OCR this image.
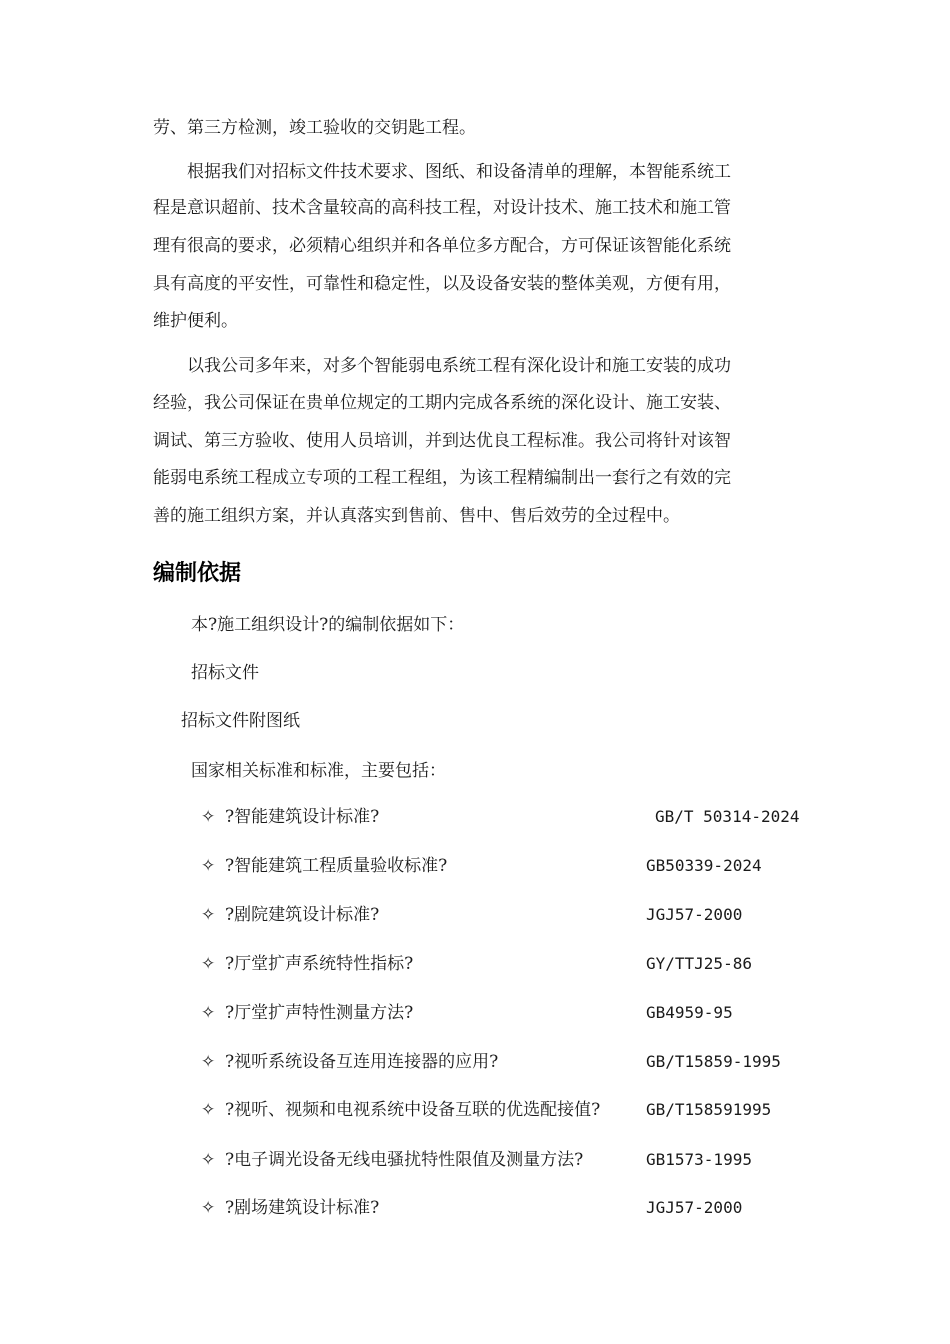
劳、第三方检测，竣工验收的交钥匙工程。
　　根据我们对招标文件技术要求、图纸、和设备清单的理解，本智能系统工
程是意识超前、技术含量较高的高科技工程，对设计技术、施工技术和施工管
理有很高的要求，必须精心组织并和各单位多方配合，方可保证该智能化系统
具有高度的平安性，可靠性和稳定性，以及设备安装的整体美观，方便有用，
维护便利。
　　以我公司多年来，对多个智能弱电系统工程有深化设计和施工安装的成功
经验，我公司保证在贵单位规定的工期内完成各系统的深化设计、施工安装、
调试、第三方验收、使用人员培训，并到达优良工程标准。我公司将针对该智
能弱电系统工程成立专项的工程工程组，为该工程精编制出一套行之有效的完
善的施工组织方案，并认真落实到售前、售中、售后效劳的全过程中。
编制依据
本?施工组织设计?的编制依据如下：
招标文件
招标文件附图纸
国家相关标准和标准，主要包括：
✧ ?智能建筑设计标准?	GB/T 50314-2024
✧ ?智能建筑工程质量验收标准?	GB50339-2024
✧ ?剧院建筑设计标准?	JGJ57-2000
✧ ?厅堂扩声系统特性指标?	GY/TTJ25-86
✧ ?厅堂扩声特性测量方法?	GB4959-95
✧ ?视听系统设备互连用连接器的应用?	GB/T15859-1995
✧ ?视听、视频和电视系统中设备互联的优选配接值?	GB/T158591995
✧ ?电子调光设备无线电骚扰特性限值及测量方法?	GB1573-1995
✧ ?剧场建筑设计标准?	JGJ57-2000
